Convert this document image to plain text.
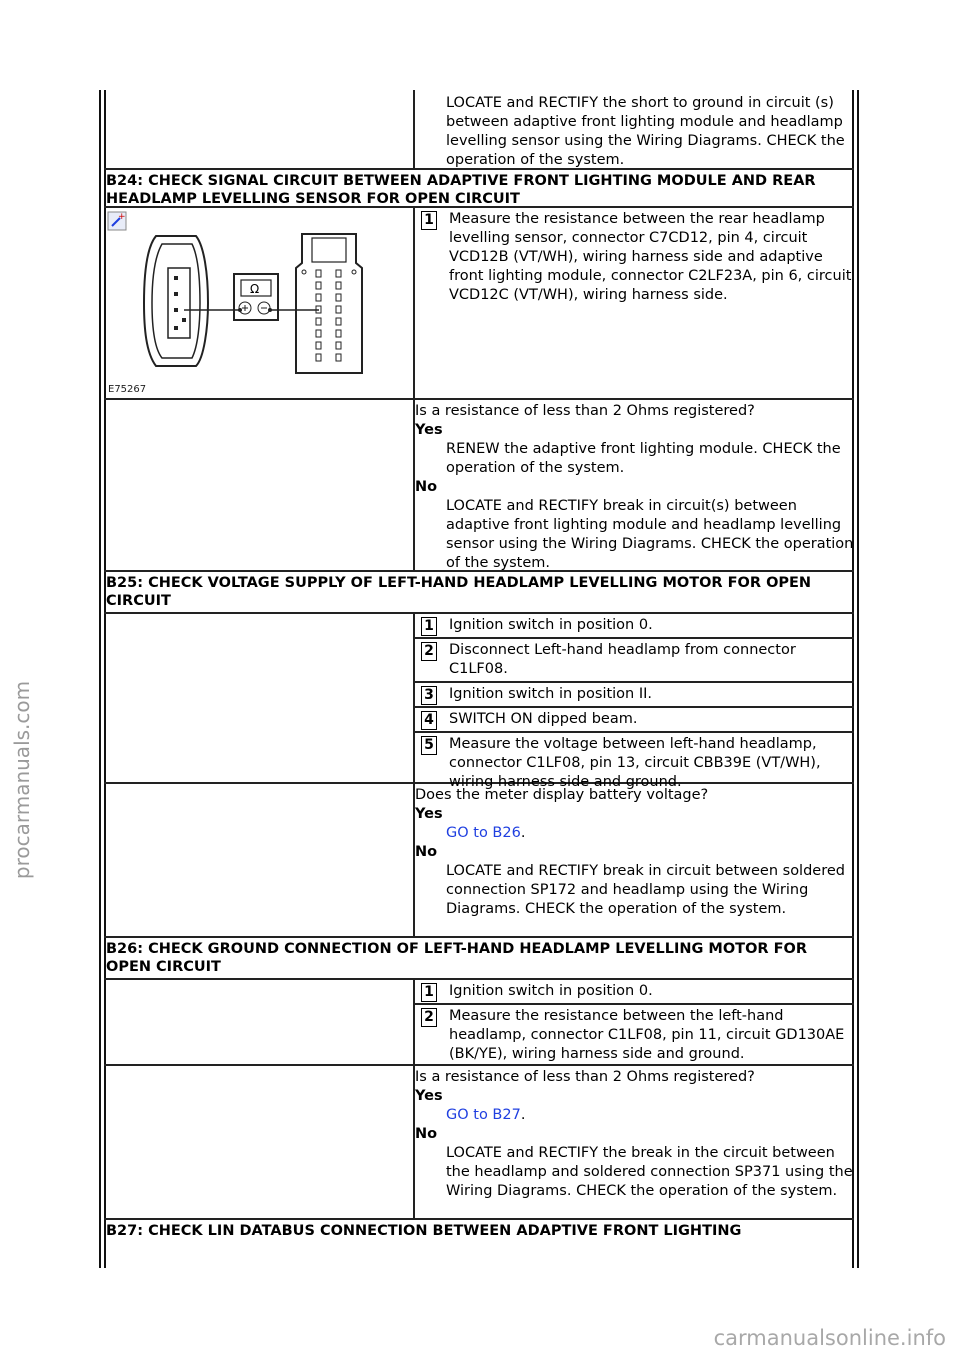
procarmanuals.com
carmanualsonline.info
LOCATE and RECTIFY the short to ground in circuit (s) between adaptive front lighting module and headlamp levelling sensor using the Wiring Diagrams. CHECK the operation of the system.
B24: CHECK SIGNAL CIRCUIT BETWEEN ADAPTIVE FRONT LIGHTING MODULE AND REAR HEADLAMP LEVELLING SENSOR FOR OPEN CIRCUIT
+
Ω
E75267
1 Measure the resistance between the rear headlamp levelling sensor, connector C7CD12, pin 4, circuit VCD12B (VT/WH), wiring harness side and adaptive front lighting module, connector C2LF23A, pin 6, circuit VCD12C (VT/WH), wiring harness side.
Is a resistance of less than 2 Ohms registered?
Yes
RENEW the adaptive front lighting module. CHECK the operation of the system.
No
LOCATE and RECTIFY break in circuit(s) between adaptive front lighting module and headlamp levelling sensor using the Wiring Diagrams. CHECK the operation of the system.
B25: CHECK VOLTAGE SUPPLY OF LEFT-HAND HEADLAMP LEVELLING MOTOR FOR OPEN CIRCUIT
1 Ignition switch in position 0.
2 Disconnect Left-hand headlamp from connector C1LF08.
3 Ignition switch in position II.
4 SWITCH ON dipped beam.
5 Measure the voltage between left-hand headlamp, connector C1LF08, pin 13, circuit CBB39E (VT/WH), wiring harness side and ground.
Does the meter display battery voltage?
Yes
GO to B26.
No
LOCATE and RECTIFY break in circuit between soldered connection SP172 and headlamp using the Wiring Diagrams. CHECK the operation of the system.
B26: CHECK GROUND CONNECTION OF LEFT-HAND HEADLAMP LEVELLING MOTOR FOR OPEN CIRCUIT
1 Ignition switch in position 0.
2 Measure the resistance between the left-hand headlamp, connector C1LF08, pin 11, circuit GD130AE (BK/YE), wiring harness side and ground.
Is a resistance of less than 2 Ohms registered?
Yes
GO to B27.
No
LOCATE and RECTIFY the break in the circuit between the headlamp and soldered connection SP371 using the Wiring Diagrams. CHECK the operation of the system.
B27: CHECK LIN DATABUS CONNECTION BETWEEN ADAPTIVE FRONT LIGHTING
